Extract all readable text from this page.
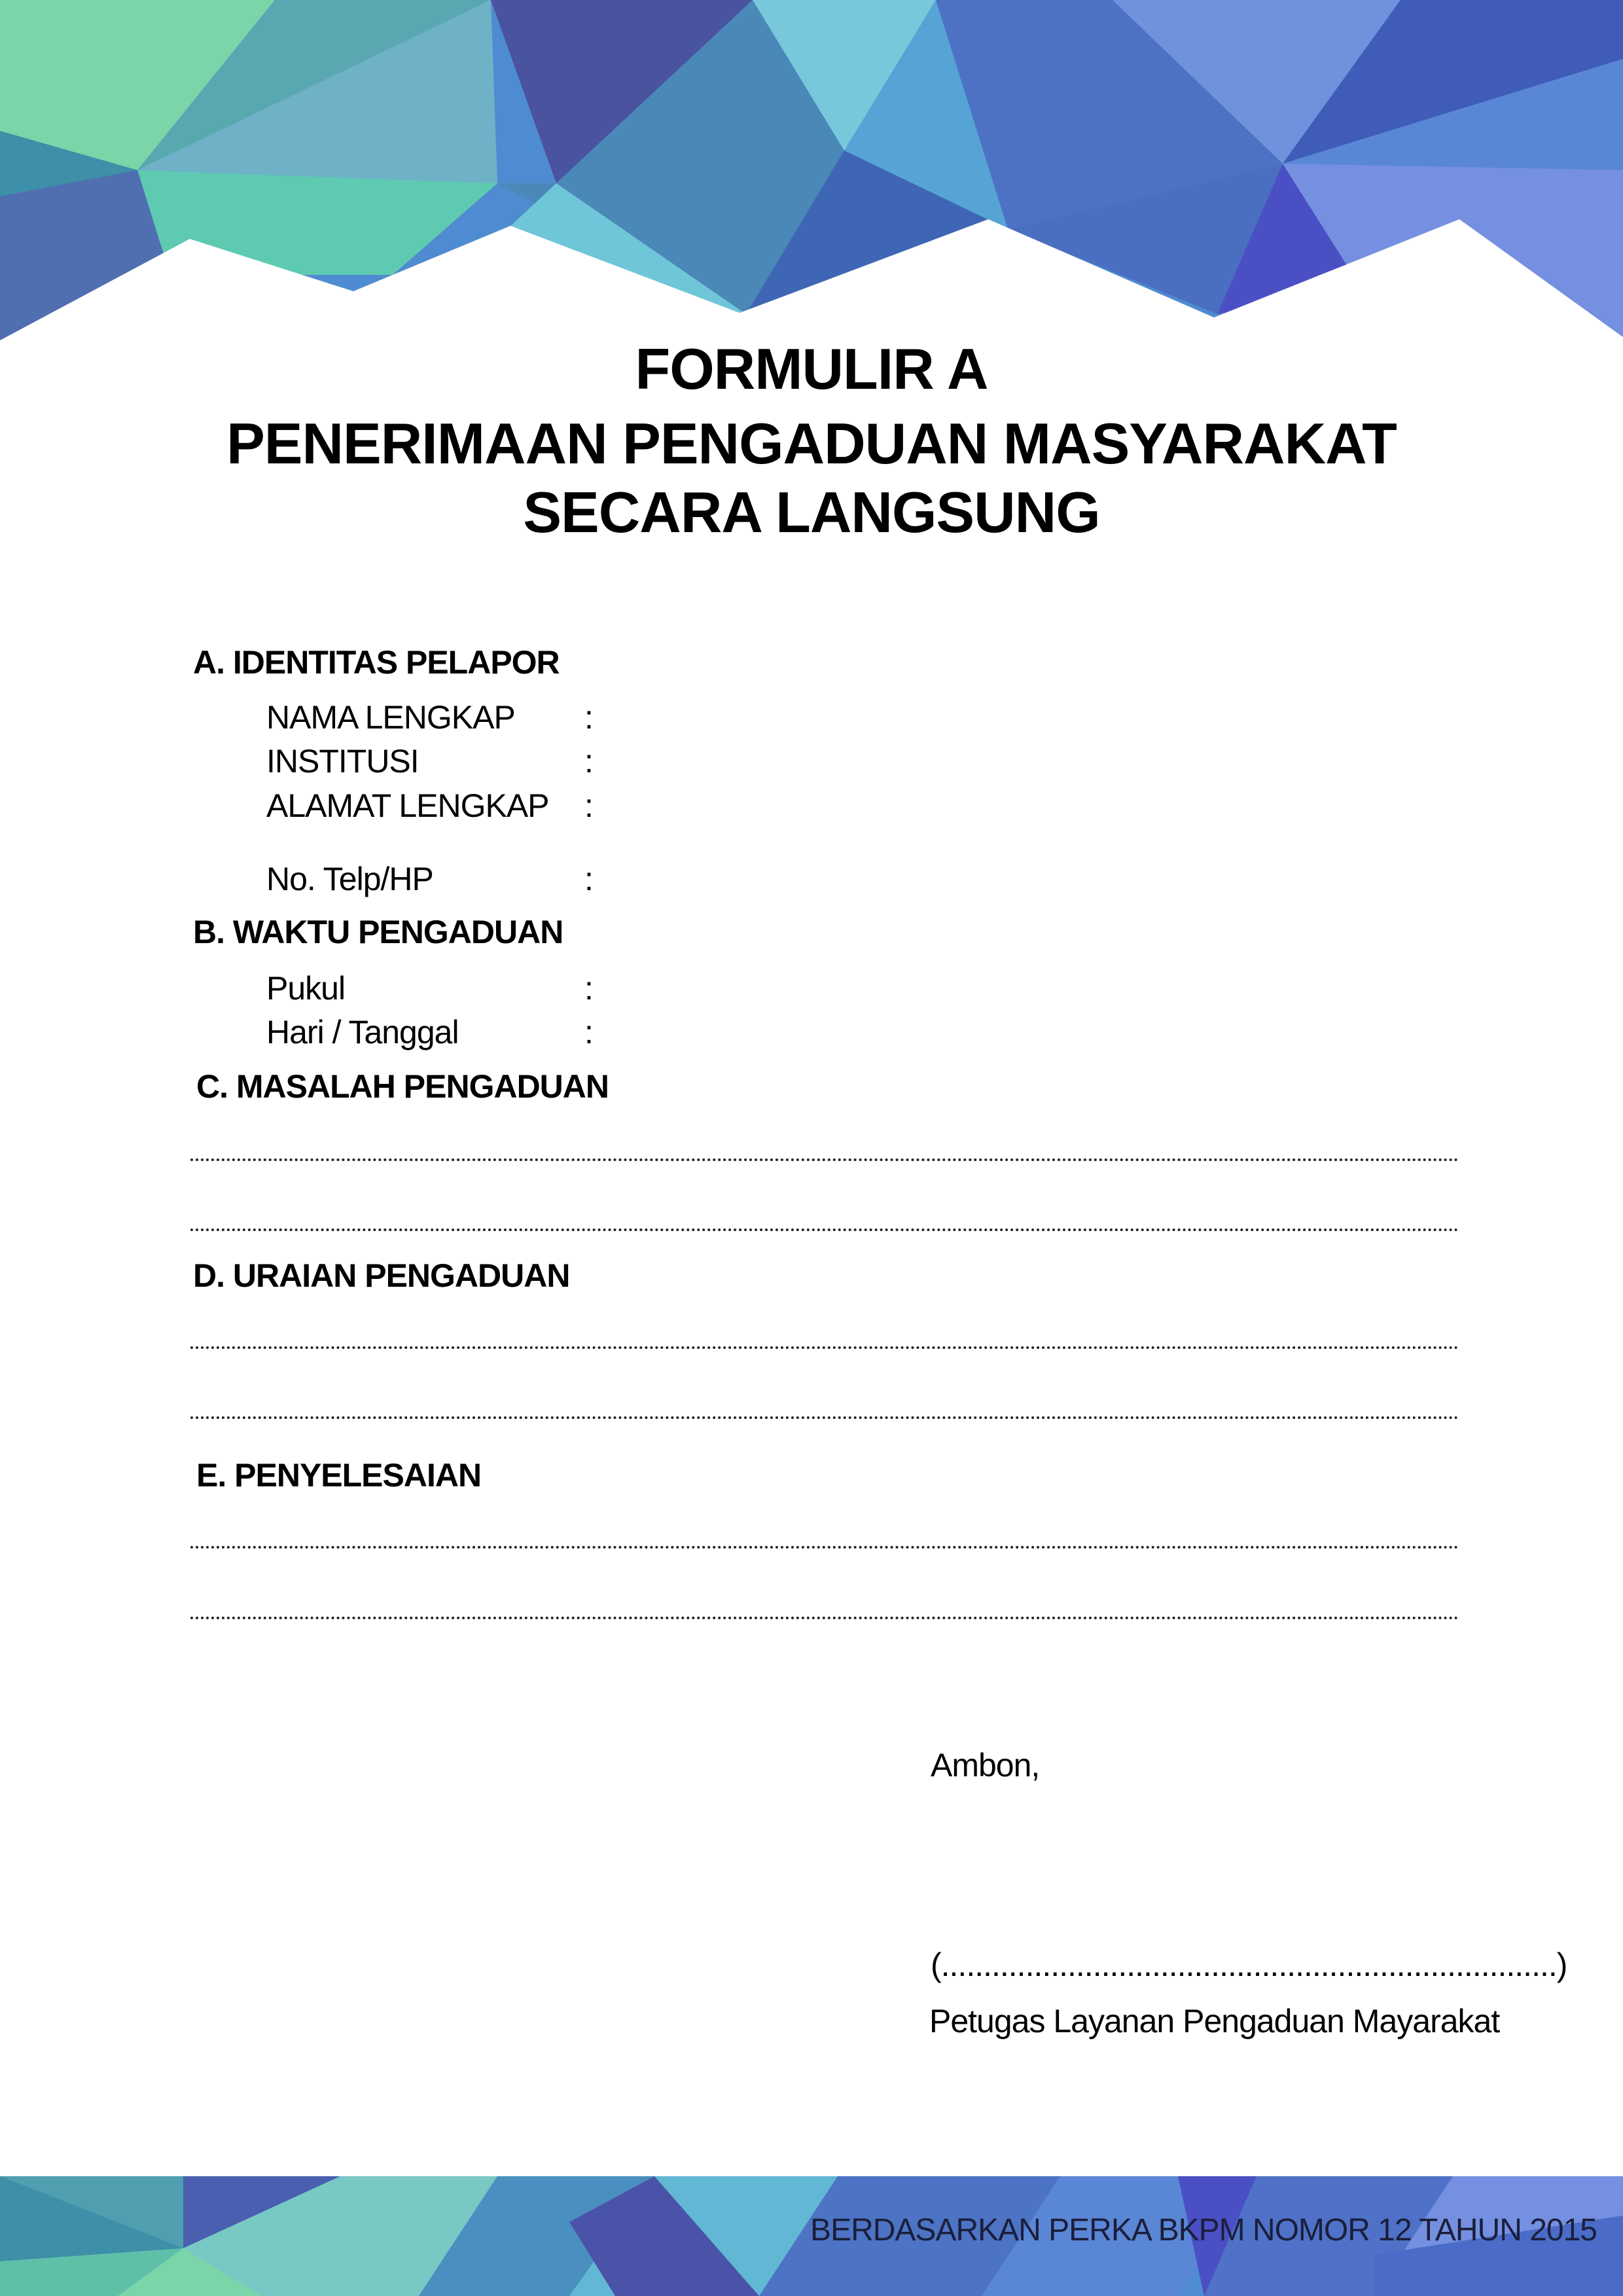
FORMULIR A
PENERIMAAN PENGADUAN MASYARAKAT
SECARA LANGSUNG
A. IDENTITAS PELAPOR
NAMA LENGKAP :
INSTITUSI	:
ALAMAT LENGKAP :
No. Telp/HP	:
B. WAKTU PENGADUAN
Pukul	:
Hari / Tanggal	:
C. MASALAH PENGADUAN
D. URAIAN PENGADUAN
E. PENYELESAIAN
Ambon,
(.........................................................................)
Petugas Layanan Pengaduan Mayarakat
BERDASARKAN PERKA BKPM NOMOR 12 TAHUN 2015
